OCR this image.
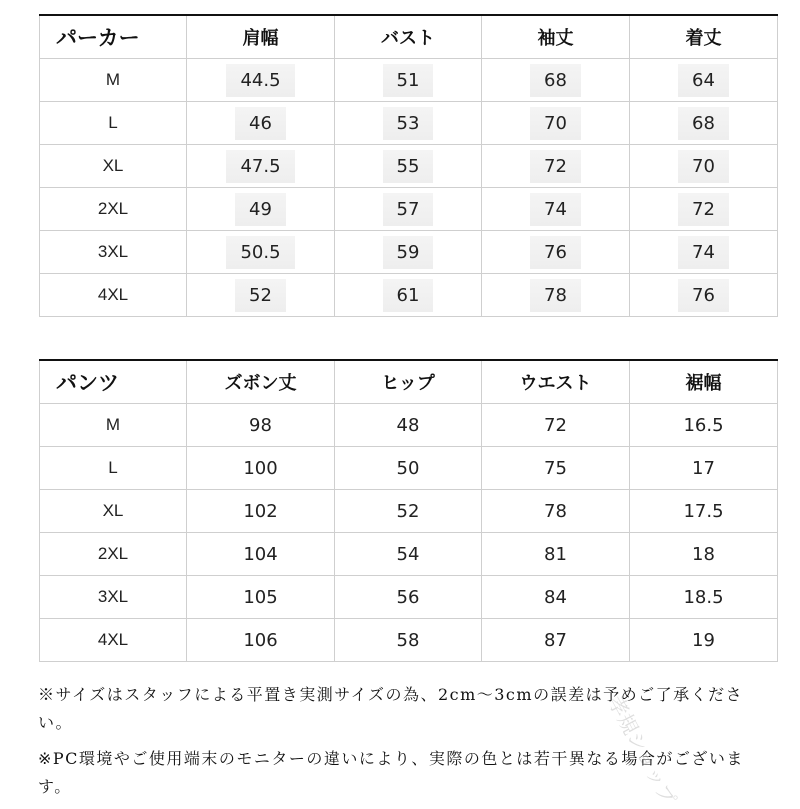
パーカー	肩幅	バスト	袖丈	着丈
M	44.5	51	68	64
L	46	53	70	68
XL	47.5	55	72	70
2XL	49	57	74	72
3XL	50.5	59	76	74
4XL	52	61	78	76
パンツ	ズボン丈	ヒップ	ウエスト	裾幅
M	98	48	72	16.5
L	100	50	75	17
XL	102	52	78	17.5
2XL	104	54	81	18
3XL	105	56	84	18.5
4XL	106	58	87	19
※サイズはスタッフによる平置き実測サイズの為、2cm〜3cmの誤差は予めご了承ください。
※PC環境やご使用端末のモニターの違いにより、実際の色とは若干異なる場合がございます。	孝規ショップ
